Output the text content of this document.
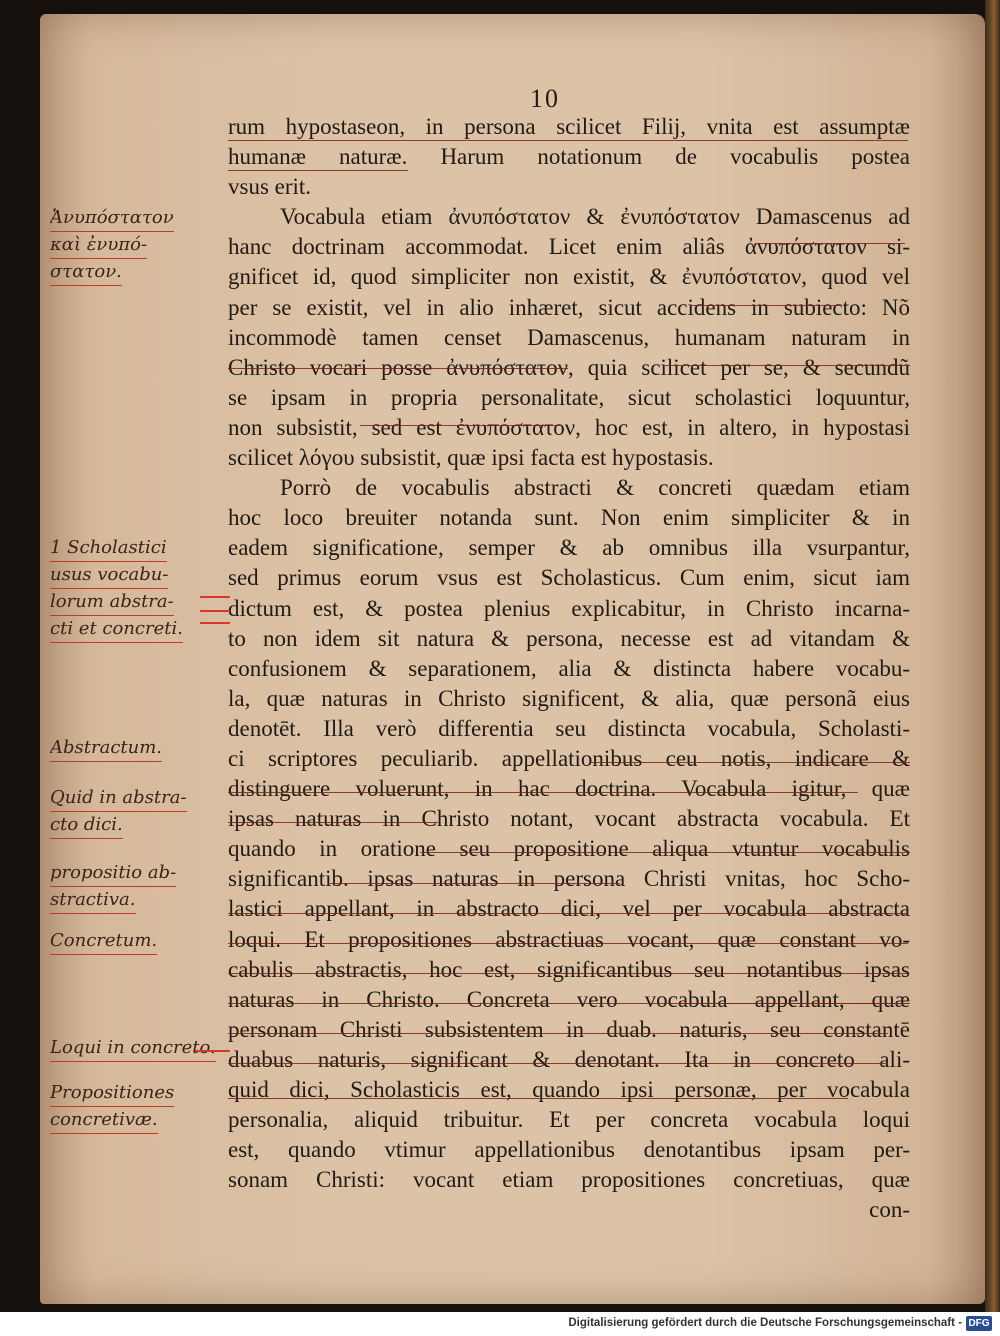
10
rum hypostaseon, in persona scilicet Filij, vnita est assumptæ
humanæ naturæ. Harum notationum de vocabulis postea
vsus erit.
Vocabula etiam ἀνυπόστατον & ἐνυπόστατον Damascenus ad
hanc doctrinam accommodat. Licet enim aliâs ἀνυπόστατον si-
gnificet id, quod simpliciter non existit, & ἐνυπόστατον, quod vel
per se existit, vel in alio inhæret, sicut accidens in subiecto: Nõ
incommodè tamen censet Damascenus, humanam naturam in
Christo vocari posse ἀνυπόστατον, quia scilicet per se, & secundũ
se ipsam in propria personalitate, sicut scholastici loquuntur,
non subsistit, sed est ἐνυπόστατον, hoc est, in altero, in hypostasi
scilicet λόγου subsistit, quæ ipsi facta est hypostasis.
Porrò de vocabulis abstracti & concreti quædam etiam
hoc loco breuiter notanda sunt. Non enim simpliciter & in
eadem significatione, semper & ab omnibus illa vsurpantur,
sed primus eorum vsus est Scholasticus. Cum enim, sicut iam
dictum est, & postea plenius explicabitur, in Christo incarna-
to non idem sit natura & persona, necesse est ad vitandam &
confusionem & separationem, alia & distincta habere vocabu-
la, quæ naturas in Christo significent, & alia, quæ personã eius
denotēt. Illa verò differentia seu distincta vocabula, Scholasti-
ci scriptores peculiarib. appellationibus ceu notis, indicare &
distinguere voluerunt, in hac doctrina. Vocabula igitur, quæ
ipsas naturas in Christo notant, vocant abstracta vocabula. Et
quando in oratione seu propositione aliqua vtuntur vocabulis
significantib. ipsas naturas in persona Christi vnitas, hoc Scho-
lastici appellant, in abstracto dici, vel per vocabula abstracta
loqui. Et propositiones abstractiuas vocant, quæ constant vo-
cabulis abstractis, hoc est, significantibus seu notantibus ipsas
naturas in Christo. Concreta vero vocabula appellant, quæ
personam Christi subsistentem in duab. naturis, seu constantē
duabus naturis, significant & denotant. Ita in concreto ali-
quid dici, Scholasticis est, quando ipsi personæ, per vocabula
personalia, aliquid tribuitur. Et per concreta vocabula loqui
est, quando vtimur appellationibus denotantibus ipsam per-
sonam Christi: vocant etiam propositiones concretiuas, quæ
con-
Ἀνυπόστατον
καὶ ἐνυπό-
στατον.
1 Scholastici
usus vocabu-
lorum abstra-
cti et concreti.
Abstractum.
Quid in abstra-
cto dici.
propositio ab-
stractiva.
Concretum.
Loqui in concreto.
Propositiones
concretivæ.
Digitalisierung gefördert durch die Deutsche Forschungsgemeinschaft - DFG
